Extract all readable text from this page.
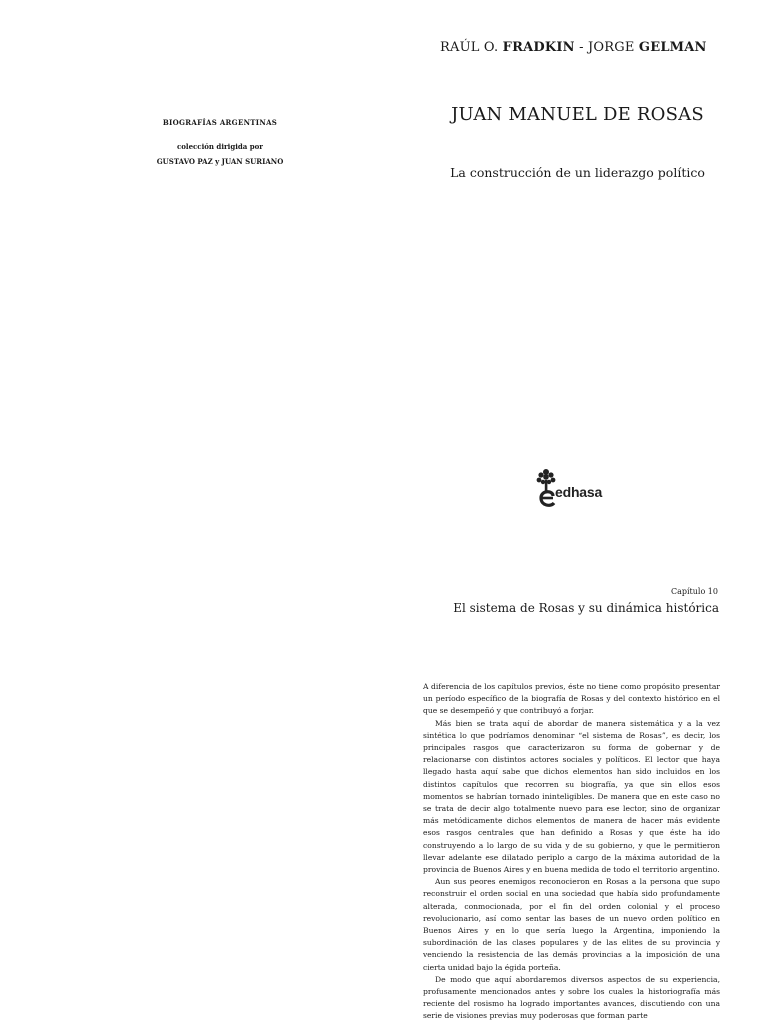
RAÚL O. FRADKIN - JORGE GELMAN
BIOGRAFÍAS ARGENTINAS
colección dirigida por
GUSTAVO PAZ y JUAN SURIANO
JUAN MANUEL DE ROSAS
La construcción de un liderazgo político
edhasa
Capítulo 10
El sistema de Rosas y su dinámica histórica

A diferencia de los capítulos previos, éste no tiene como propósito presentar un período específico de la biografía de Rosas y del contexto histórico en el que se desempeñó y que contribuyó a forjar.

Más bien se trata aquí de abordar de manera sistemática y a la vez sintética lo que podríamos denominar “el sistema de Rosas”, es decir, los principales rasgos que caracterizaron su forma de gobernar y de relacionarse con distintos actores sociales y políticos. El lector que haya llegado hasta aquí sabe que dichos elementos han sido incluidos en los distintos capítulos que recorren su biografía, ya que sin ellos esos momentos se habrían tornado ininteligibles. De manera que en este caso no se trata de decir algo totalmente nuevo para ese lector, sino de organizar más metódicamente dichos elementos de manera de hacer más evidente esos rasgos centrales que han definido a Rosas y que éste ha ido construyendo a lo largo de su vida y de su gobierno, y que le permitieron llevar adelante ese dilatado periplo a cargo de la máxima autoridad de la provincia de Buenos Aires y en buena medida de todo el territorio argentino.

Aun sus peores enemigos reconocieron en Rosas a la persona que supo reconstruir el orden social en una sociedad que había sido profundamente alterada, conmocionada, por el fin del orden colonial y el proceso revolucionario, así como sentar las bases de un nuevo orden político en Buenos Aires y en lo que sería luego la Argentina, imponiendo la subordinación de las clases populares y de las elites de su provincia y venciendo la resistencia de las demás provincias a la imposición de una cierta unidad bajo la égida porteña.

De modo que aquí abordaremos diversos aspectos de su experiencia, profusamente mencionados antes y sobre los cuales la historiografía más reciente del rosismo ha logrado importantes avances, discutiendo con una serie de visiones previas muy poderosas que forman parte
